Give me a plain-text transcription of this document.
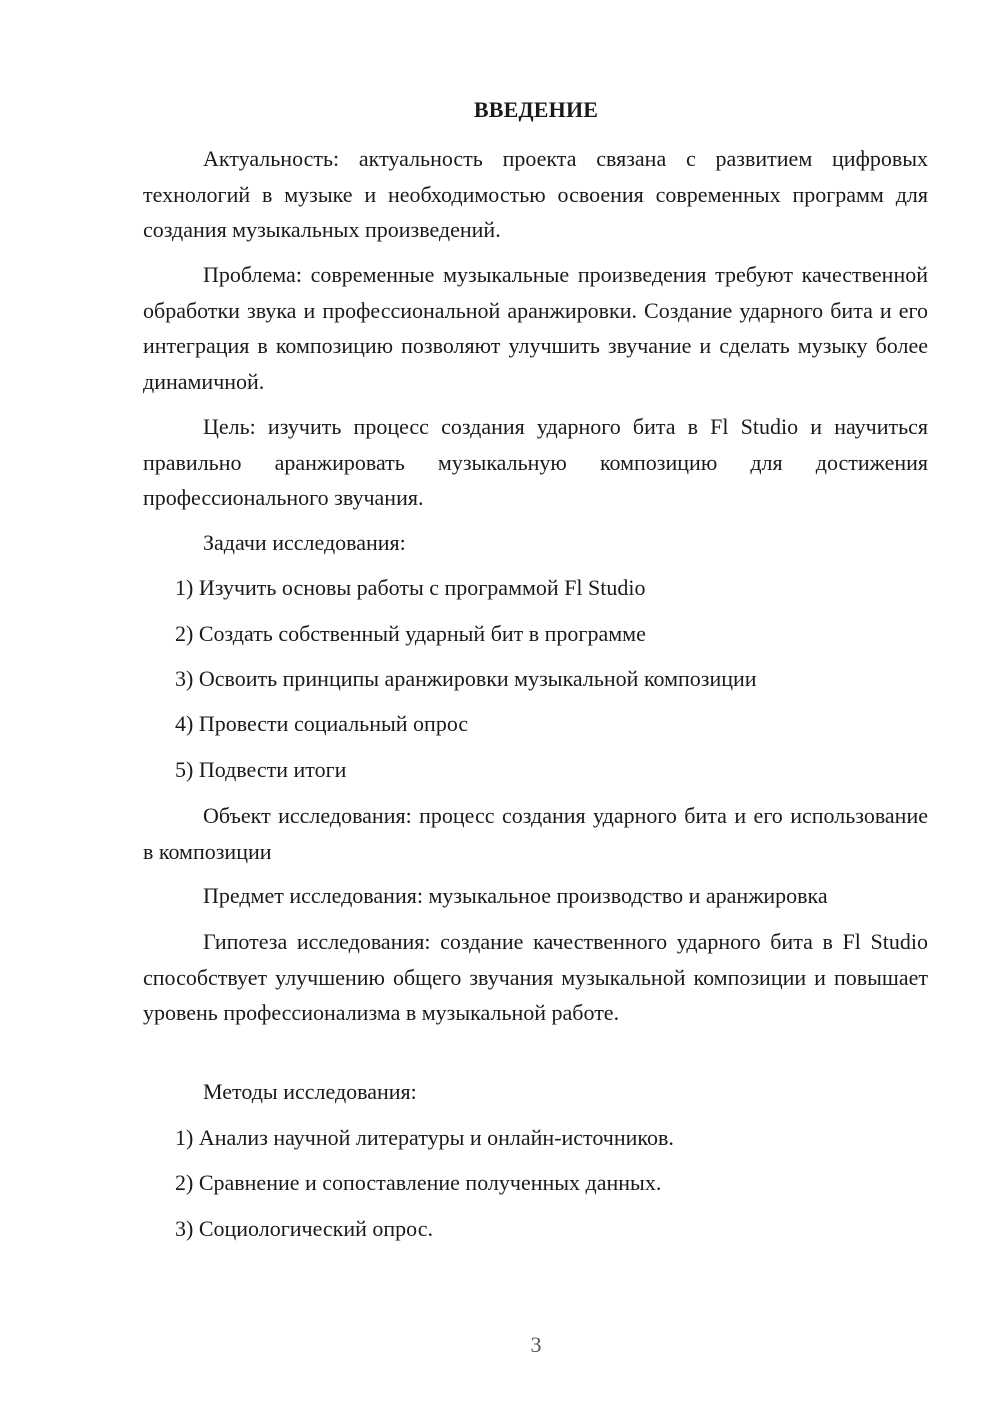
ВВЕДЕНИЕ

Актуальность: актуальность проекта связана с развитием цифровых технологий в музыке и необходимостью освоения современных программ для создания музыкальных произведений.

Проблема: современные музыкальные произведения требуют качественной обработки звука и профессиональной аранжировки. Создание ударного бита и его интеграция в композицию позволяют улучшить звучание и сделать музыку более динамичной.

Цель: изучить процесс создания ударного бита в Fl Studio и научиться правильно аранжировать музыкальную композицию для достижения профессионального звучания.

Задачи исследования:

1) Изучить основы работы с программой Fl Studio

2) Создать собственный ударный бит в программе

3) Освоить принципы аранжировки музыкальной композиции

4) Провести социальный опрос

5) Подвести итоги

Объект исследования: процесс создания ударного бита и его использование в композиции

Предмет исследования: музыкальное производство и аранжировка

Гипотеза исследования: создание качественного ударного бита в Fl Studio способствует улучшению общего звучания музыкальной композиции и повышает уровень профессионализма в музыкальной работе.

Методы исследования:

1) Анализ научной литературы и онлайн-источников.

2) Сравнение и сопоставление полученных данных.

3) Социологический опрос.

3
